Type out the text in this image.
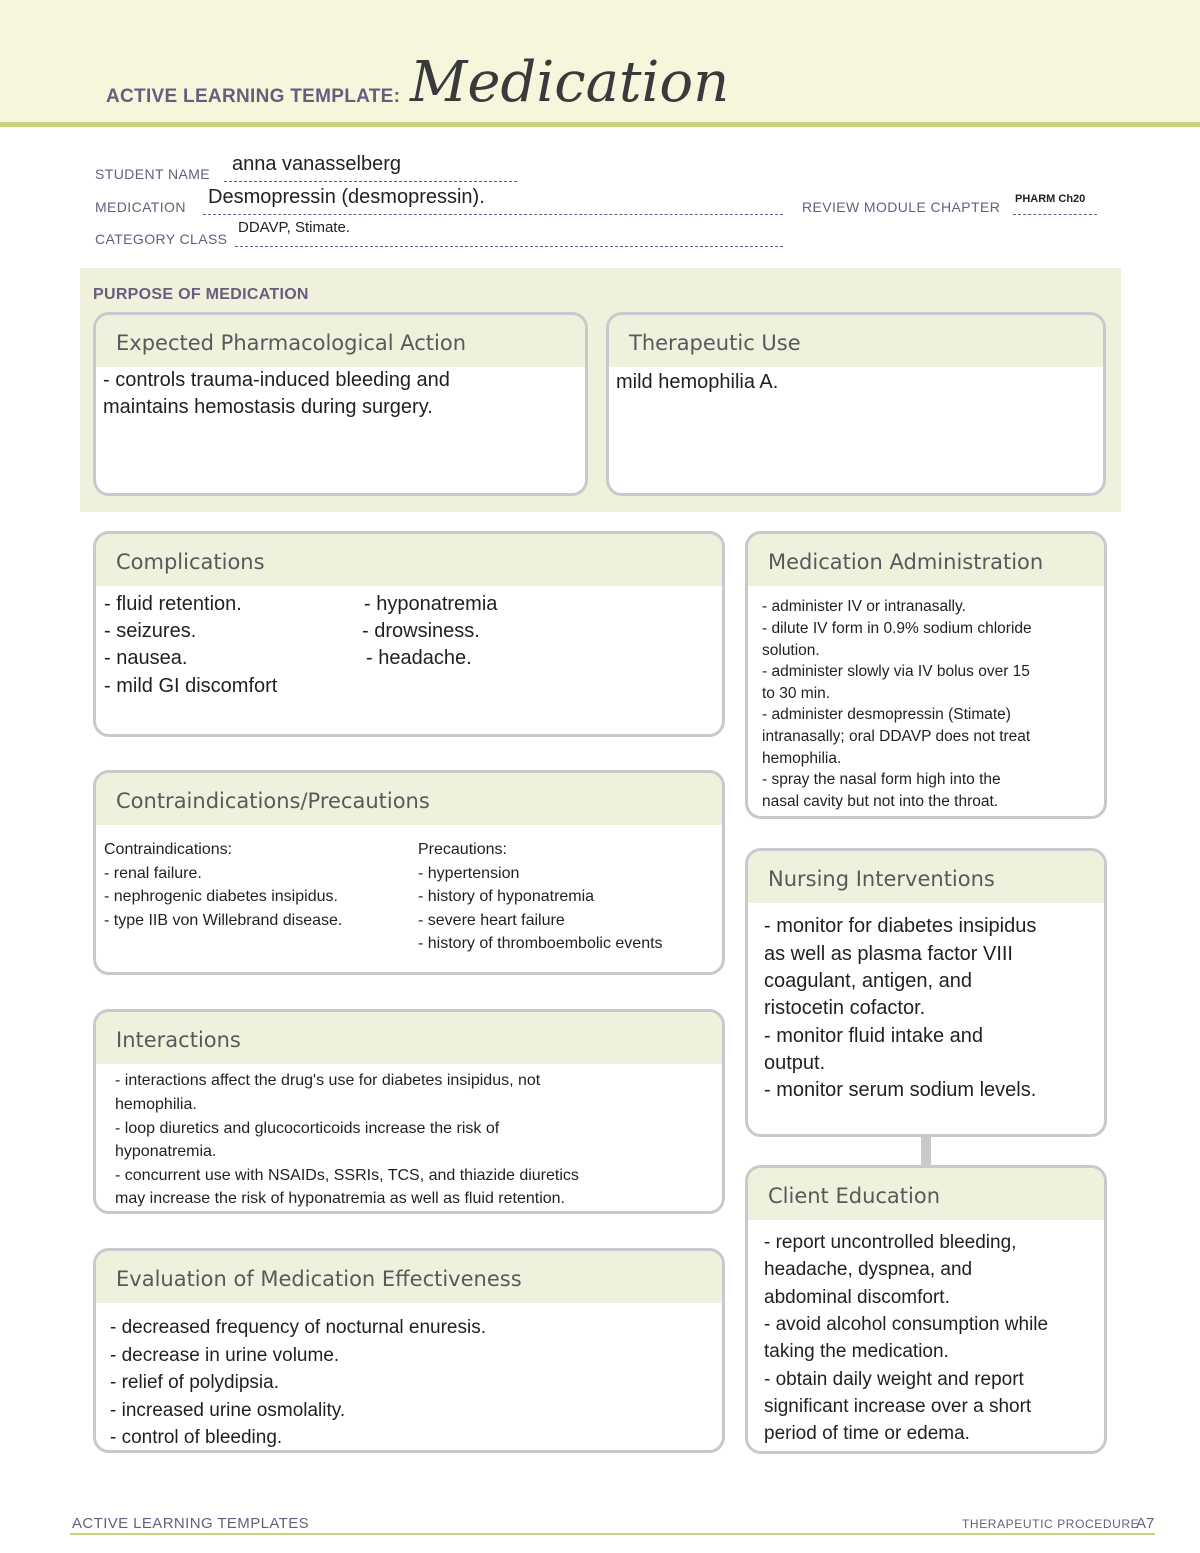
ACTIVE LEARNING TEMPLATE: Medication
STUDENT NAME anna vanasselberg
MEDICATION Desmopressin (desmopressin).	REVIEW MODULE CHAPTER PHARM Ch20
CATEGORY CLASS
DDAVP, Stimate.
PURPOSE OF MEDICATION
Expected Pharmacological Action
- controls trauma-induced bleeding and
maintains hemostasis during surgery.
Therapeutic Use
mild hemophilia A.
Complications
- fluid retention.
- seizures.
- nausea.
- mild GI discomfort
- hyponatremia
- drowsiness.
- headache.
Contraindications/Precautions
Contraindications:
- renal failure.
- nephrogenic diabetes insipidus.
- type IIB von Willebrand disease.
Precautions:
- hypertension
- history of hyponatremia
- severe heart failure
- history of thromboembolic events
Interactions
- interactions affect the drug's use for diabetes insipidus, not
hemophilia.
- loop diuretics and glucocorticoids increase the risk of
hyponatremia.
- concurrent use with NSAIDs, SSRIs, TCS, and thiazide diuretics
may increase the risk of hyponatremia as well as fluid retention.
Evaluation of Medication Effectiveness
- decreased frequency of nocturnal enuresis.
- decrease in urine volume.
- relief of polydipsia.
- increased urine osmolality.
- control of bleeding.
Medication Administration
- administer IV or intranasally.
- dilute IV form in 0.9% sodium chloride
solution.
- administer slowly via IV bolus over 15
to 30 min.
- administer desmopressin (Stimate)
intranasally; oral DDAVP does not treat
hemophilia.
- spray the nasal form high into the
nasal cavity but not into the throat.
Nursing Interventions
- monitor for diabetes insipidus
as well as plasma factor VIII
coagulant, antigen, and
ristocetin cofactor.
- monitor fluid intake and
output.
- monitor serum sodium levels.
Client Education
- report uncontrolled bleeding,
headache, dyspnea, and
abdominal discomfort.
- avoid alcohol consumption while
taking the medication.
- obtain daily weight and report
significant increase over a short
period of time or edema.
ACTIVE LEARNING TEMPLATES	THERAPEUTIC PROCEDURE
A7
